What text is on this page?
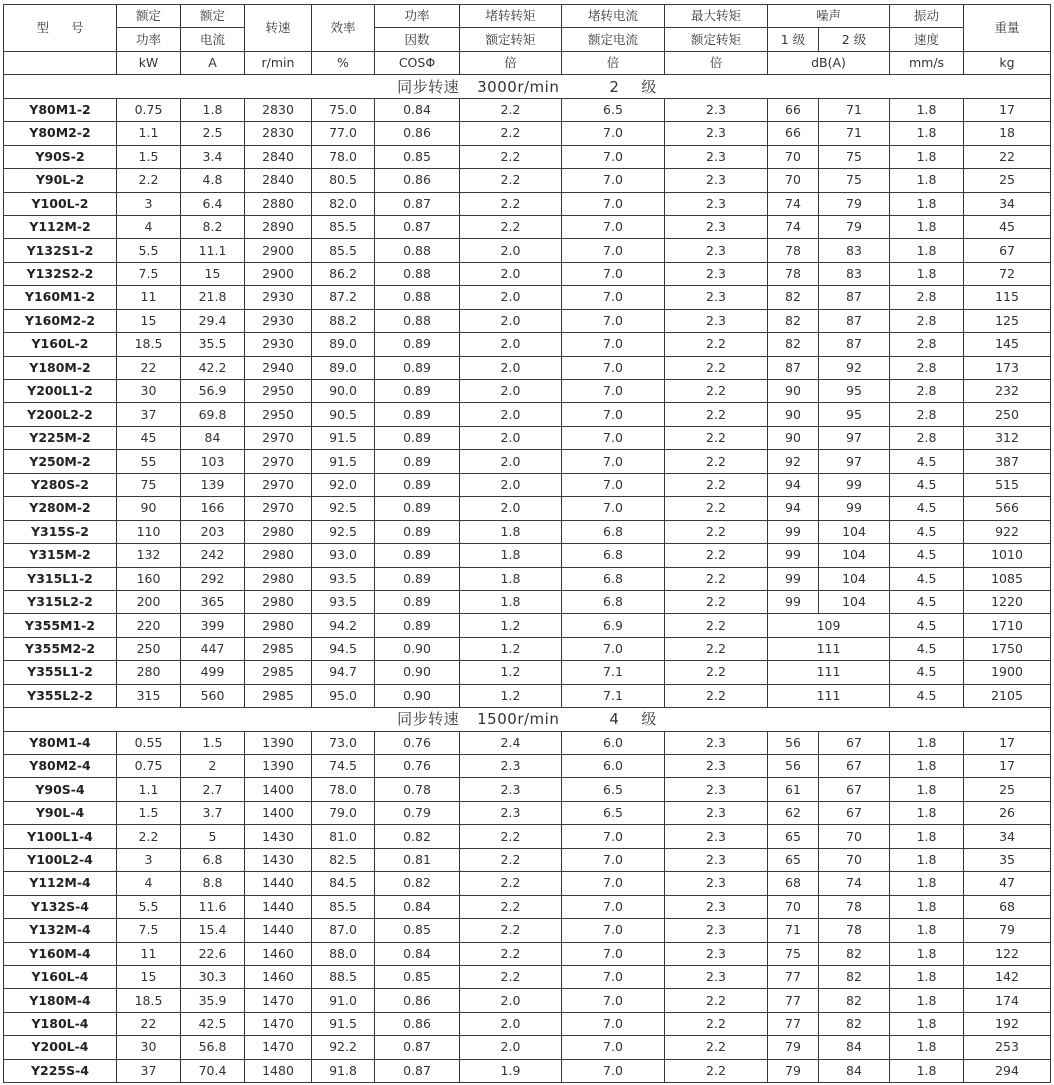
型 号	额定	额定	转速	效率	功率	堵转转矩	堵转电流	最大转矩	噪声		振动	重量
	功率	电流			因数	额定转矩	额定电流	额定转矩	1 级	2 级	速度	
	kW	A	r/min	%	COSΦ	倍	倍	倍	dB(A)		mm/s	kg
同步转速 3000r/min 2 级												
Y80M1-2	0.75	1.8	2830	75.0	0.84	2.2	6.5	2.3	66	71	1.8	17
Y80M2-2	1.1	2.5	2830	77.0	0.86	2.2	7.0	2.3	66	71	1.8	18
Y90S-2	1.5	3.4	2840	78.0	0.85	2.2	7.0	2.3	70	75	1.8	22
Y90L-2	2.2	4.8	2840	80.5	0.86	2.2	7.0	2.3	70	75	1.8	25
Y100L-2	3	6.4	2880	82.0	0.87	2.2	7.0	2.3	74	79	1.8	34
Y112M-2	4	8.2	2890	85.5	0.87	2.2	7.0	2.3	74	79	1.8	45
Y132S1-2	5.5	11.1	2900	85.5	0.88	2.0	7.0	2.3	78	83	1.8	67
Y132S2-2	7.5	15	2900	86.2	0.88	2.0	7.0	2.3	78	83	1.8	72
Y160M1-2	11	21.8	2930	87.2	0.88	2.0	7.0	2.3	82	87	2.8	115
Y160M2-2	15	29.4	2930	88.2	0.88	2.0	7.0	2.3	82	87	2.8	125
Y160L-2	18.5	35.5	2930	89.0	0.89	2.0	7.0	2.2	82	87	2.8	145
Y180M-2	22	42.2	2940	89.0	0.89	2.0	7.0	2.2	87	92	2.8	173
Y200L1-2	30	56.9	2950	90.0	0.89	2.0	7.0	2.2	90	95	2.8	232
Y200L2-2	37	69.8	2950	90.5	0.89	2.0	7.0	2.2	90	95	2.8	250
Y225M-2	45	84	2970	91.5	0.89	2.0	7.0	2.2	90	97	2.8	312
Y250M-2	55	103	2970	91.5	0.89	2.0	7.0	2.2	92	97	4.5	387
Y280S-2	75	139	2970	92.0	0.89	2.0	7.0	2.2	94	99	4.5	515
Y280M-2	90	166	2970	92.5	0.89	2.0	7.0	2.2	94	99	4.5	566
Y315S-2	110	203	2980	92.5	0.89	1.8	6.8	2.2	99	104	4.5	922
Y315M-2	132	242	2980	93.0	0.89	1.8	6.8	2.2	99	104	4.5	1010
Y315L1-2	160	292	2980	93.5	0.89	1.8	6.8	2.2	99	104	4.5	1085
Y315L2-2	200	365	2980	93.5	0.89	1.8	6.8	2.2	99	104	4.5	1220
Y355M1-2	220	399	2980	94.2	0.89	1.2	6.9	2.2	109		4.5	1710
Y355M2-2	250	447	2985	94.5	0.90	1.2	7.0	2.2	111		4.5	1750
Y355L1-2	280	499	2985	94.7	0.90	1.2	7.1	2.2	111		4.5	1900
Y355L2-2	315	560	2985	95.0	0.90	1.2	7.1	2.2	111		4.5	2105
同步转速 1500r/min 4 级												
Y80M1-4	0.55	1.5	1390	73.0	0.76	2.4	6.0	2.3	56	67	1.8	17
Y80M2-4	0.75	2	1390	74.5	0.76	2.3	6.0	2.3	56	67	1.8	17
Y90S-4	1.1	2.7	1400	78.0	0.78	2.3	6.5	2.3	61	67	1.8	25
Y90L-4	1.5	3.7	1400	79.0	0.79	2.3	6.5	2.3	62	67	1.8	26
Y100L1-4	2.2	5	1430	81.0	0.82	2.2	7.0	2.3	65	70	1.8	34
Y100L2-4	3	6.8	1430	82.5	0.81	2.2	7.0	2.3	65	70	1.8	35
Y112M-4	4	8.8	1440	84.5	0.82	2.2	7.0	2.3	68	74	1.8	47
Y132S-4	5.5	11.6	1440	85.5	0.84	2.2	7.0	2.3	70	78	1.8	68
Y132M-4	7.5	15.4	1440	87.0	0.85	2.2	7.0	2.3	71	78	1.8	79
Y160M-4	11	22.6	1460	88.0	0.84	2.2	7.0	2.3	75	82	1.8	122
Y160L-4	15	30.3	1460	88.5	0.85	2.2	7.0	2.3	77	82	1.8	142
Y180M-4	18.5	35.9	1470	91.0	0.86	2.0	7.0	2.2	77	82	1.8	174
Y180L-4	22	42.5	1470	91.5	0.86	2.0	7.0	2.2	77	82	1.8	192
Y200L-4	30	56.8	1470	92.2	0.87	2.0	7.0	2.2	79	84	1.8	253
Y225S-4	37	70.4	1480	91.8	0.87	1.9	7.0	2.2	79	84	1.8	294
